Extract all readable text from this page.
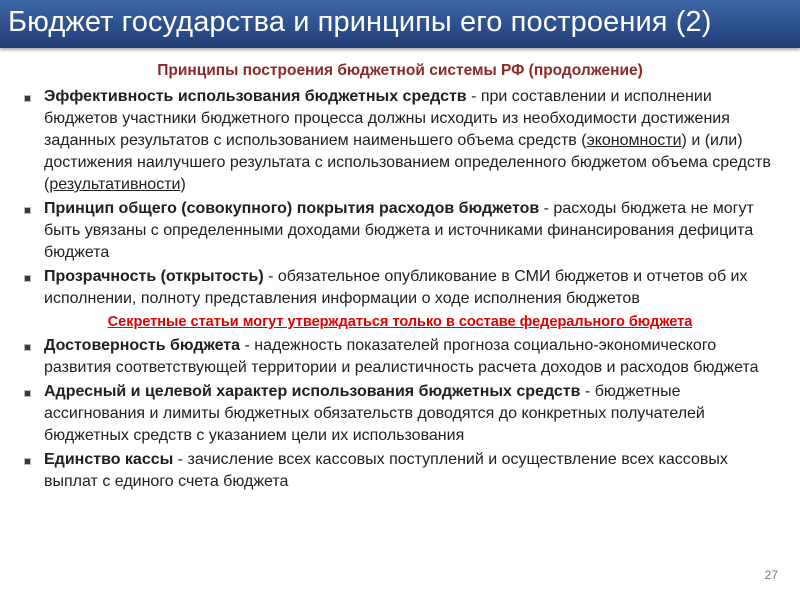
Бюджет государства и принципы его построения (2)
Принципы построения бюджетной системы РФ (продолжение)
Эффективность использования бюджетных средств - при составлении и исполнении бюджетов участники бюджетного процесса должны исходить из необходимости достижения заданных результатов с использованием наименьшего объема средств (экономности) и (или) достижения наилучшего результата с использованием определенного бюджетом объема средств (результативности)
Принцип общего (совокупного) покрытия расходов бюджетов - расходы бюджета не могут быть увязаны с определенными доходами бюджета и источниками финансирования дефицита бюджета
Прозрачность (открытость) - обязательное опубликование в СМИ бюджетов и отчетов об их исполнении, полноту представления информации о ходе исполнения бюджетов
Секретные статьи могут утверждаться только в составе федерального бюджета
Достоверность бюджета - надежность показателей прогноза социально-экономического развития соответствующей территории и реалистичность расчета доходов и расходов бюджета
Адресный и целевой характер использования бюджетных средств - бюджетные ассигнования и лимиты бюджетных обязательств доводятся до конкретных получателей бюджетных средств с указанием цели их использования
Единство кассы - зачисление всех кассовых поступлений и осуществление всех кассовых выплат с единого счета бюджета
27
